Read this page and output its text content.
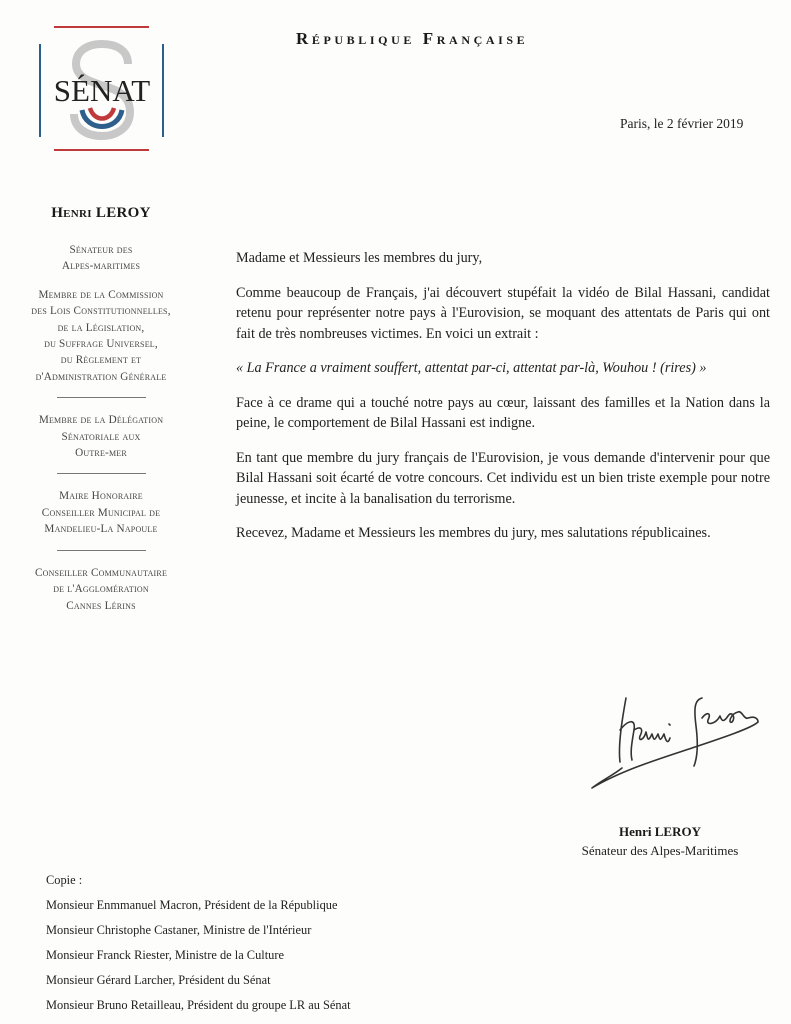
SÉNAT
République Française
Paris, le 2 février 2019
Henri LEROY
Sénateur des
Alpes-maritimes
Membre de la Commission
des Lois Constitutionnelles,
de la Législation,
du Suffrage Universel,
du Règlement et
d'Administration Générale
Membre de la Délégation
Sénatoriale aux
Outre-mer
Maire Honoraire
Conseiller Municipal de
Mandelieu-La Napoule
Conseiller Communautaire
de l'Agglomération
Cannes Lérins

Madame et Messieurs les membres du jury,

Comme beaucoup de Français, j'ai découvert stupéfait la vidéo de Bilal Hassani, candidat retenu pour représenter notre pays à l'Eurovision, se moquant des attentats de Paris qui ont fait de très nombreuses victimes. En voici un extrait :

« La France a vraiment souffert, attentat par-ci, attentat par-là, Wouhou ! (rires) »

Face à ce drame qui a touché notre pays au cœur, laissant des familles et la Nation dans la peine, le comportement de Bilal Hassani est indigne.

En tant que membre du jury français de l'Eurovision, je vous demande d'intervenir pour que Bilal Hassani soit écarté de votre concours. Cet individu est un bien triste exemple pour notre jeunesse, et incite à la banalisation du terrorisme.

Recevez, Madame et Messieurs les membres du jury, mes salutations républicaines.

Henri LEROY
Sénateur des Alpes-Maritimes
Copie :
Monsieur Enmmanuel Macron, Président de la République
Monsieur Christophe Castaner, Ministre de l'Intérieur
Monsieur Franck Riester, Ministre de la Culture
Monsieur Gérard Larcher, Président du Sénat
Monsieur Bruno Retailleau, Président du groupe LR au Sénat
